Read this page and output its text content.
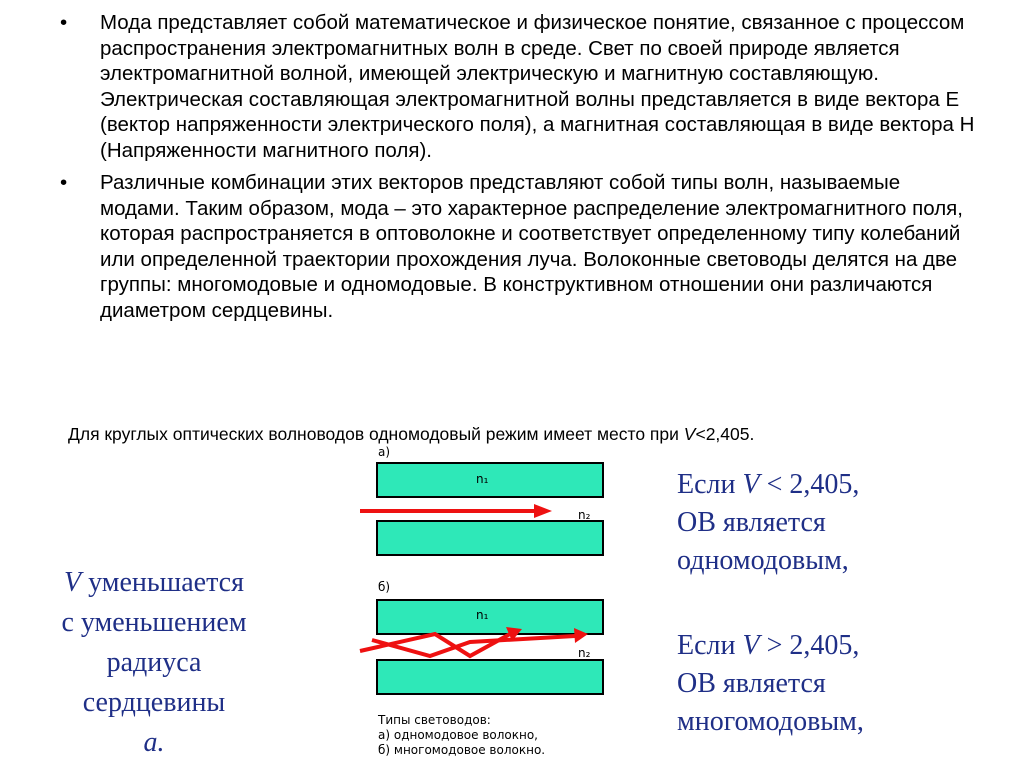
• Мода представляет собой математическое и физическое понятие, связанное с процессом распространения электромагнитных волн в среде. Свет по своей природе является электромагнитной волной, имеющей электрическую и магнитную составляющую. Электрическая составляющая электромагнитной волны представляется в виде вектора E (вектор напряженности электрического поля), а магнитная составляющая в виде вектора H (Напряженности магнитного поля).
• Различные комбинации этих векторов представляют собой типы волн, называемые модами. Таким образом, мода – это характерное распределение электромагнитного поля, которая распространяется в оптоволокне и соответствует определенному типу колебаний или определенной траектории прохождения луча. Волоконные световоды делятся на две группы: многомодовые и одномодовые. В конструктивном отношении они различаются диаметром сердцевины.
Для круглых оптических волноводов одномодовый режим имеет место при V<2,405.
а)
n₁
n₂
б)
n₁
n₂
Типы световодов:
а) одномодовое волокно,
б) многомодовое волокно.
V уменьшается
с уменьшением
радиуса
сердцевины
a.
Если V < 2,405,
ОВ является
одномодовым,
Если V > 2,405,
ОВ является
многомодовым,
